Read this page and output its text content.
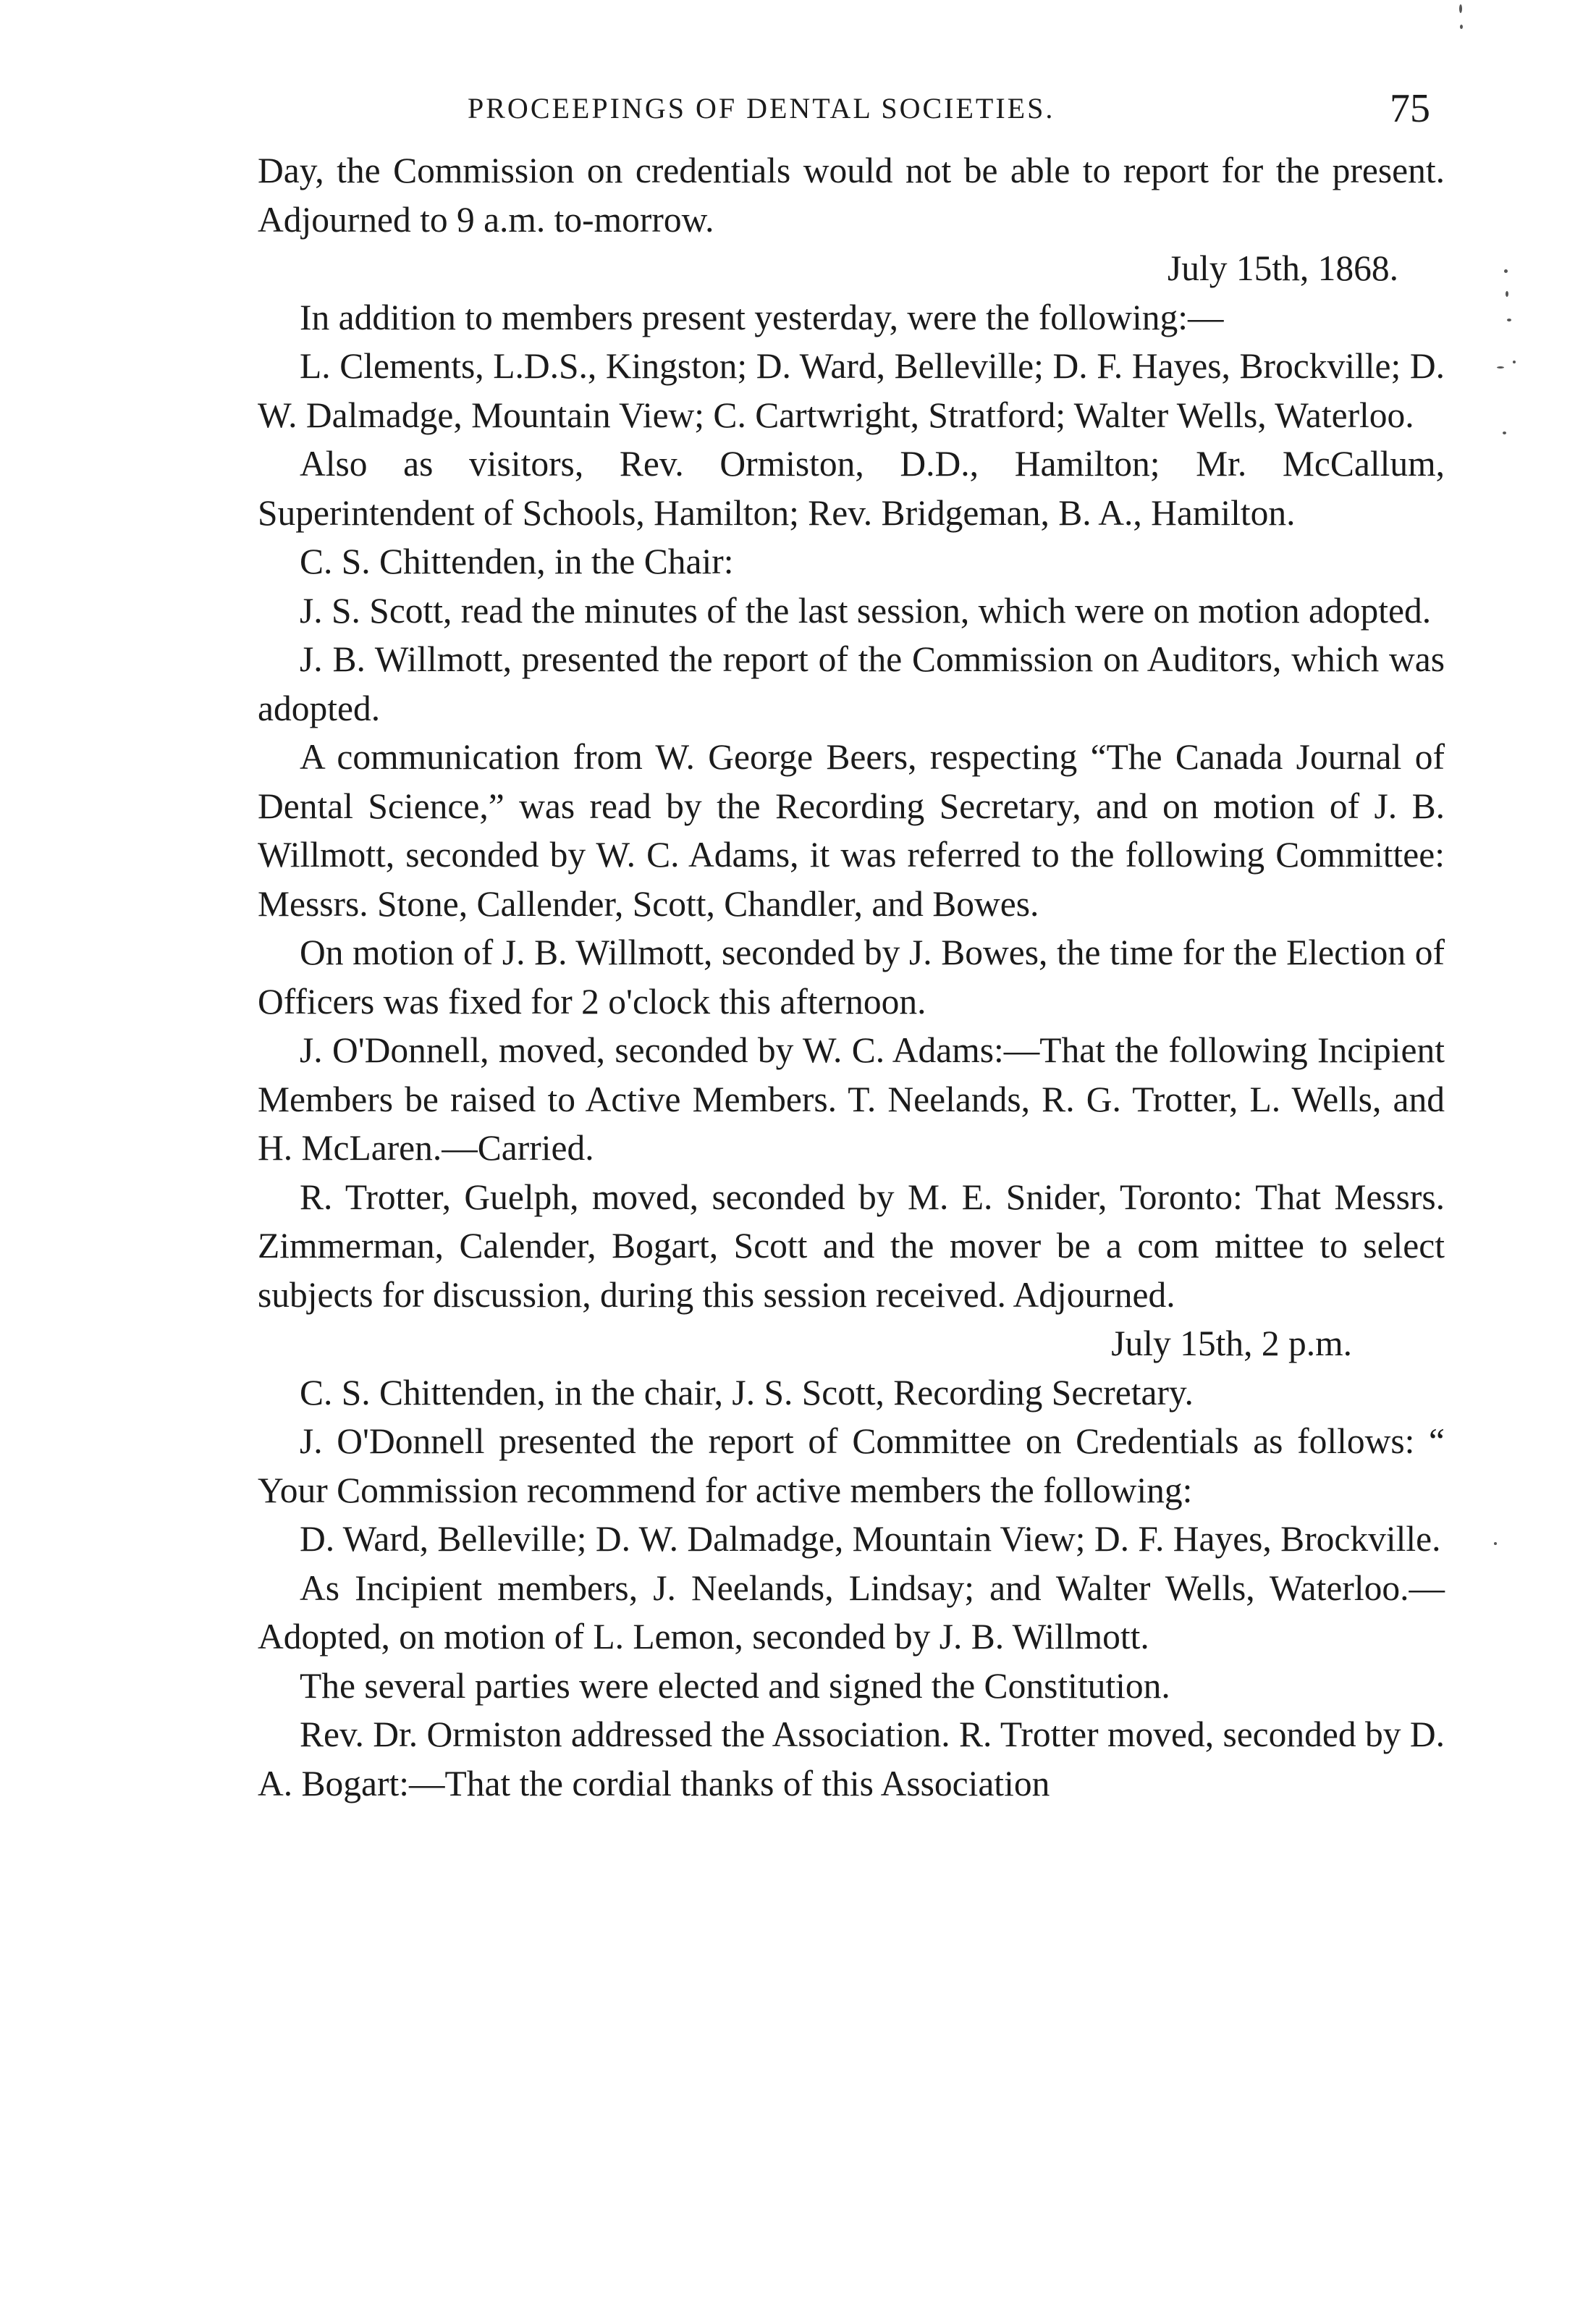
PROCEEPINGS OF DENTAL SOCIETIES.	75

Day, the Commission on credentials would not be able to report for the present. Adjourned to 9 a.m. to-morrow.

July 15th, 1868.

In addition to members present yesterday, were the following:—

L. Clements, L.D.S., Kingston; D. Ward, Belleville; D. F. Hayes, Brockville; D. W. Dalmadge, Mountain View; C. Cartwright, Stratford; Walter Wells, Waterloo.

Also as visitors, Rev. Ormiston, D.D., Hamilton; Mr. McCallum, Superintendent of Schools, Hamilton; Rev. Bridgeman, B. A., Hamilton.

C. S. Chittenden, in the Chair:

J. S. Scott, read the minutes of the last session, which were on motion adopted.

J. B. Willmott, presented the report of the Commission on Auditors, which was adopted.

A communication from W. George Beers, respecting “The Canada Journal of Dental Science,” was read by the Recording Secretary, and on motion of J. B. Willmott, seconded by W. C. Adams, it was referred to the following Committee: Messrs. Stone, Callender, Scott, Chandler, and Bowes.

On motion of J. B. Willmott, seconded by J. Bowes, the time for the Election of Officers was fixed for 2 o'clock this afternoon.

J. O'Donnell, moved, seconded by W. C. Adams:—That the following Incipient Members be raised to Active Members. T. Neelands, R. G. Trotter, L. Wells, and H. McLaren.—Carried.

R. Trotter, Guelph, moved, seconded by M. E. Snider, Toronto: That Messrs. Zimmerman, Calender, Bogart, Scott and the mover be a com mittee to select subjects for discussion, during this session received. Adjourned.

July 15th, 2 p.m.

C. S. Chittenden, in the chair, J. S. Scott, Recording Secretary.

J. O'Donnell presented the report of Committee on Credentials as follows: “ Your Commission recommend for active members the following:

D. Ward, Belleville; D. W. Dalmadge, Mountain View; D. F. Hayes, Brockville.

As Incipient members, J. Neelands, Lindsay; and Walter Wells, Waterloo.—Adopted, on motion of L. Lemon, seconded by J. B. Willmott.

The several parties were elected and signed the Constitution.

Rev. Dr. Ormiston addressed the Association. R. Trotter moved, seconded by D. A. Bogart:—That the cordial thanks of this Association
